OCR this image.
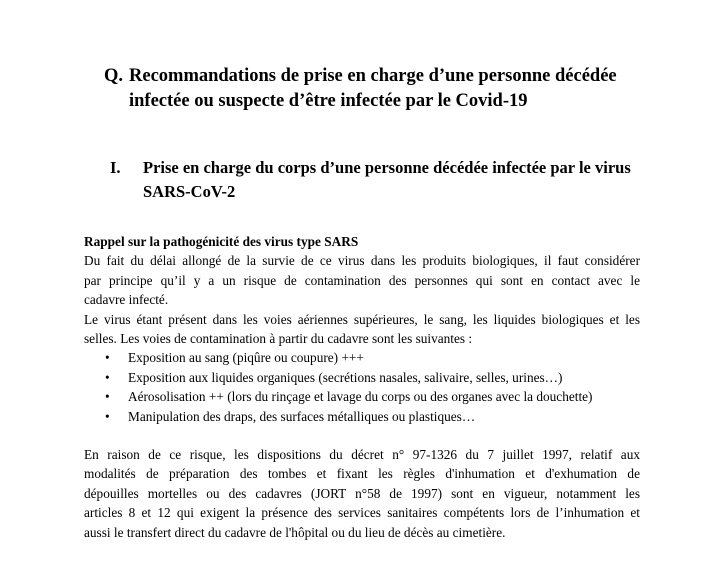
Q. Recommandations de prise en charge d’une personne décédée
infectée ou suspecte d’être infectée par le Covid-19
I.	Prise en charge du corps d’une personne décédée infectée par le virus
SARS-CoV-2
Rappel sur la pathogénicité des virus type SARS
Du fait du délai allongé de la survie de ce virus dans les produits biologiques, il faut considérer
par principe qu’il y a un risque de contamination des personnes qui sont en contact avec le
cadavre infecté.
Le virus étant présent dans les voies aériennes supérieures, le sang, les liquides biologiques et les
selles. Les voies de contamination à partir du cadavre sont les suivantes :
• Exposition au sang (piqûre ou coupure) +++
• Exposition aux liquides organiques (secrétions nasales, salivaire, selles, urines…)
• Aérosolisation ++ (lors du rinçage et lavage du corps ou des organes avec la douchette)
• Manipulation des draps, des surfaces métalliques ou plastiques…
En raison de ce risque, les dispositions du décret n° 97-1326 du 7 juillet 1997, relatif aux
modalités de préparation des tombes et fixant les règles d'inhumation et d'exhumation de
dépouilles mortelles ou des cadavres (JORT n°58 de 1997) sont en vigueur, notamment les
articles 8 et 12 qui exigent la présence des services sanitaires compétents lors de l’inhumation et
aussi le transfert direct du cadavre de l'hôpital ou du lieu de décès au cimetière.
